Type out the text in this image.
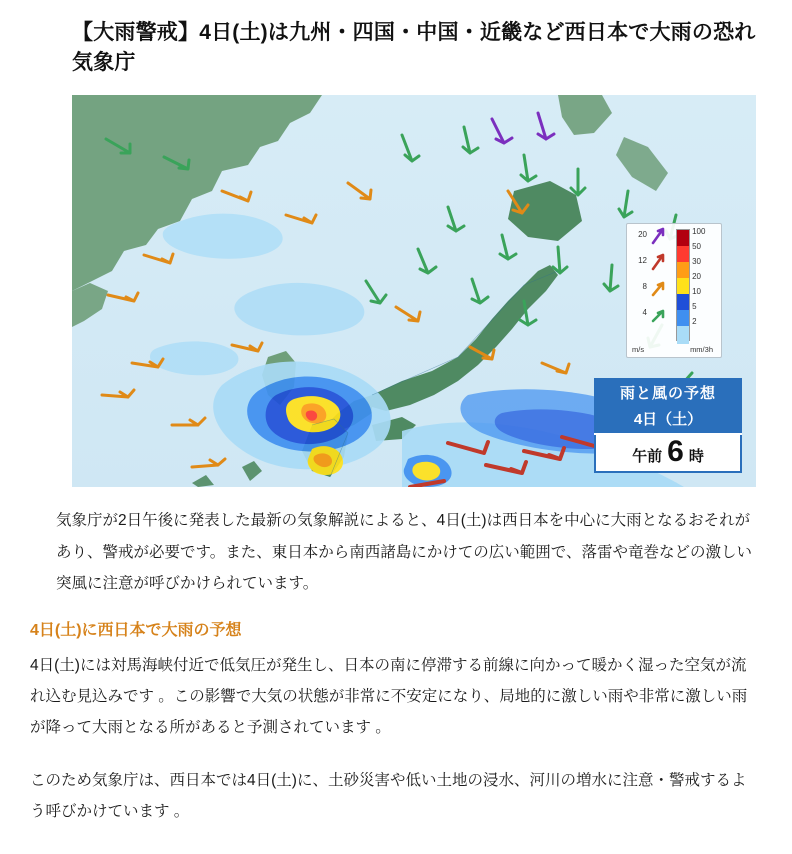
【大雨警戒】4日(土)は九州・四国・中国・近畿など西日本で大雨の恐れ　気象庁
20
12
8
4
m/s
100
50
30
20
10
5
2
mm/3h
雨と風の予想
4日（土）
午前 6 時

気象庁が2日午後に発表した最新の気象解説によると、4日(土)は西日本を中心に大雨となるおそれがあり、警戒が必要です。また、東日本から南西諸島にかけての広い範囲で、落雷や竜巻などの激しい突風に注意が呼びかけられています。

4日(土)に西日本で大雨の予想

4日(土)には対馬海峡付近で低気圧が発生し、日本の南に停滞する前線に向かって暖かく湿った空気が流れ込む見込みです 。この影響で大気の状態が非常に不安定になり、局地的に激しい雨や非常に激しい雨が降って大雨となる所があると予測されています 。

このため気象庁は、西日本では4日(土)に、土砂災害や低い土地の浸水、河川の増水に注意・警戒するよう呼びかけています 。
